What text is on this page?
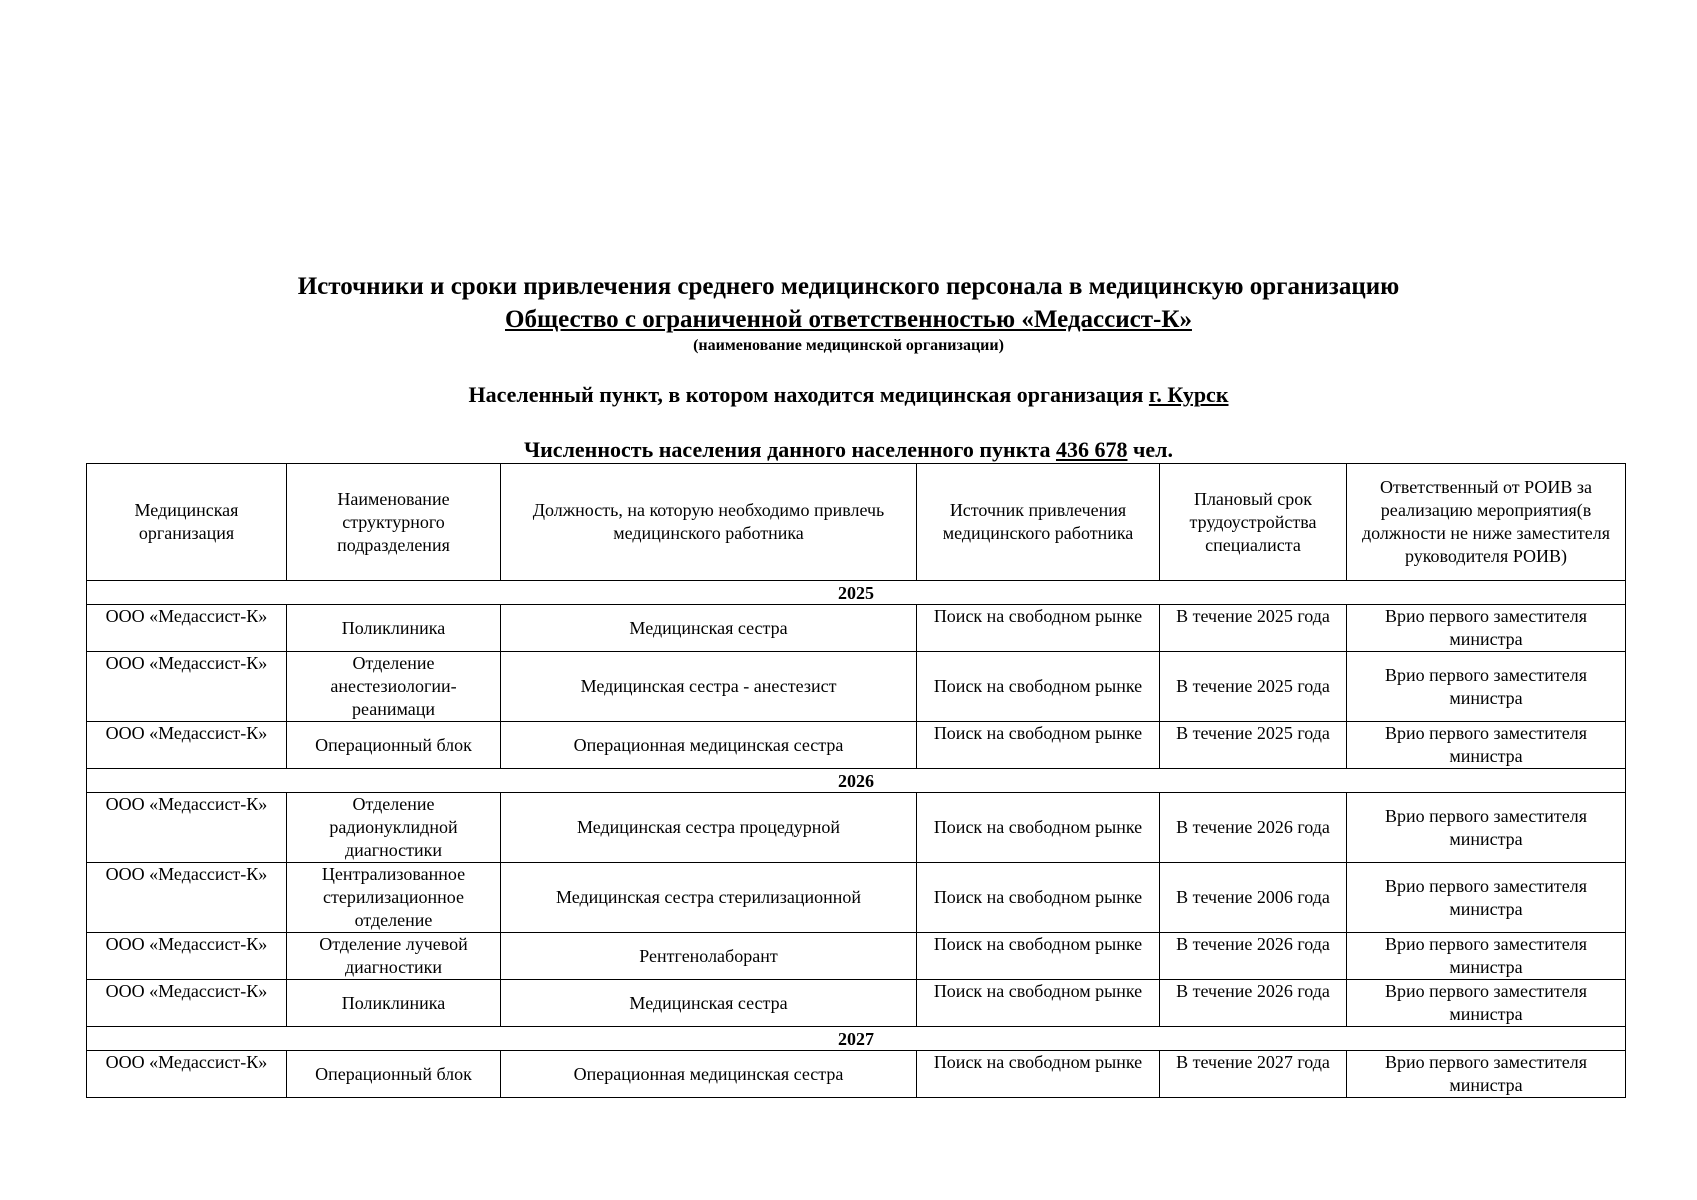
Источники и сроки привлечения среднего медицинского персонала в медицинскую организацию
Общество с ограниченной ответственностью «Медассист-К»
(наименование медицинской организации)
Населенный пункт, в котором находится медицинская организация г. Курск
Численность населения данного населенного пункта 436 678 чел.
Медицинская организация	Наименование структурного подразделения	Должность, на которую необходимо привлечь медицинского работника	Источник привлечения медицинского работника	Плановый срок трудоустройства специалиста	Ответственный от РОИВ за реализацию мероприятия(в должности не ниже заместителя руководителя РОИВ)
2025					
ООО «Медассист-К»	Поликлиника	Медицинская сестра	Поиск на свободном рынке	В течение 2025 года	Врио первого заместителя министра
ООО «Медассист-К»	Отделение анестезиологии-реанимаци	Медицинская сестра - анестезист	Поиск на свободном рынке	В течение 2025 года	Врио первого заместителя министра
ООО «Медассист-К»	Операционный блок	Операционная медицинская сестра	Поиск на свободном рынке	В течение 2025 года	Врио первого заместителя министра
2026					
ООО «Медассист-К»	Отделение радионуклидной диагностики	Медицинская сестра процедурной	Поиск на свободном рынке	В течение 2026 года	Врио первого заместителя министра
ООО «Медассист-К»	Централизованное стерилизационное отделение	Медицинская сестра стерилизационной	Поиск на свободном рынке	В течение 2006 года	Врио первого заместителя министра
ООО «Медассист-К»	Отделение лучевой диагностики	Рентгенолаборант	Поиск на свободном рынке	В течение 2026 года	Врио первого заместителя министра
ООО «Медассист-К»	Поликлиника	Медицинская сестра	Поиск на свободном рынке	В течение 2026 года	Врио первого заместителя министра
2027					
ООО «Медассист-К»	Операционный блок	Операционная медицинская сестра	Поиск на свободном рынке	В течение 2027 года	Врио первого заместителя министра
